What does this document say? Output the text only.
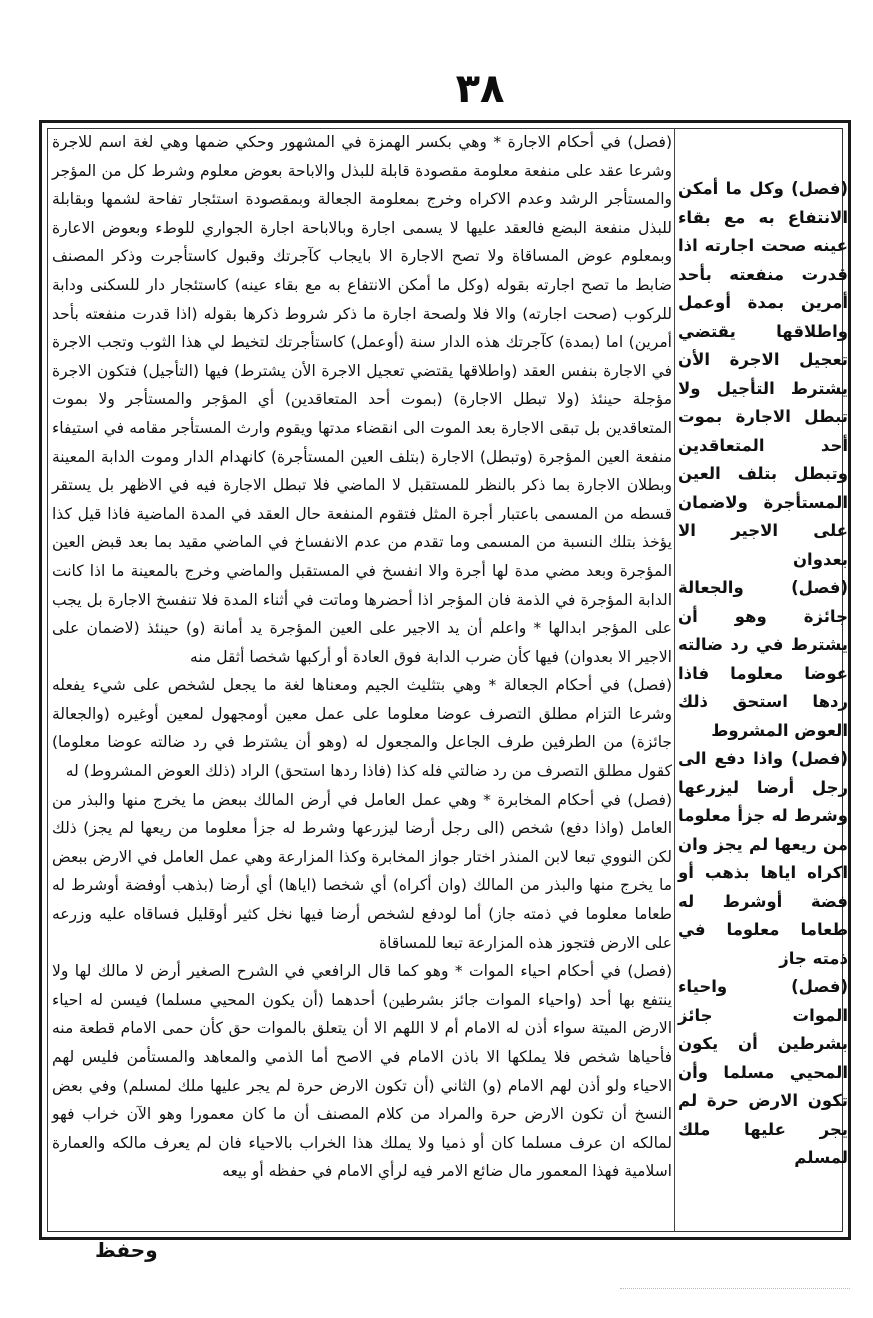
٣٨

(فصل) وكل ما أمكن الانتفاع به مع بقاء عينه صحت اجارته اذا قدرت منفعته بأحد أمرين بمدة أوعمل واطلاقها يقتضي تعجيل الاجرة الأن يشترط التأجيل ولا تبطل الاجارة بموت أحد المتعاقدين وتبطل بتلف العين المستأجرة ولاضمان على الاجير الا بعدوان

(فصل) والجعالة جائزة وهو أن يشترط في رد ضالته عوضا معلوما فاذا ردها استحق ذلك العوض المشروط

(فصل) واذا دفع الى رجل أرضا ليزرعها وشرط له جزأ معلوما من ريعها لم يجز وان اكراه اياها بذهب أو فضة أوشرط له طعاما معلوما في ذمته جاز

(فصل) واحياء الموات جائز بشرطين أن يكون المحيي مسلما وأن تكون الارض حرة لم يجر عليها ملك لمسلم

(فصل) في أحكام الاجارة * وهي بكسر الهمزة في المشهور وحكي ضمها وهي لغة اسم للاجرة وشرعا عقد على منفعة معلومة مقصودة قابلة للبذل والاباحة بعوض معلوم وشرط كل من المؤجر والمستأجر الرشد وعدم الاكراه وخرج بمعلومة الجعالة وبمقصودة استئجار تفاحة لشمها وبقابلة للبذل منفعة البضع فالعقد عليها لا يسمى اجارة وبالاباحة اجارة الجواري للوطء وبعوض الاعارة وبمعلوم عوض المساقاة ولا تصح الاجارة الا بايجاب كآجرتك وقبول كاستأجرت وذكر المصنف ضابط ما تصح اجارته بقوله (وكل ما أمكن الانتفاع به مع بقاء عينه) كاستئجار دار للسكنى ودابة للركوب (صحت اجارته) والا فلا ولصحة اجارة ما ذكر شروط ذكرها بقوله (اذا قدرت منفعته بأحد أمرين) اما (بمدة) كآجرتك هذه الدار سنة (أوعمل) كاستأجرتك لتخيط لي هذا الثوب وتجب الاجرة في الاجارة بنفس العقد (واطلاقها يقتضي تعجيل الاجرة الأن يشترط) فيها (التأجيل) فتكون الاجرة مؤجلة حينئذ (ولا تبطل الاجارة) (بموت أحد المتعاقدين) أي المؤجر والمستأجر ولا بموت المتعاقدين بل تبقى الاجارة بعد الموت الى انقضاء مدتها ويقوم وارث المستأجر مقامه في استيفاء منفعة العين المؤجرة (وتبطل) الاجارة (بتلف العين المستأجرة) كانهدام الدار وموت الدابة المعينة وبطلان الاجارة بما ذكر بالنظر للمستقبل لا الماضي فلا تبطل الاجارة فيه في الاظهر بل يستقر قسطه من المسمى باعتبار أجرة المثل فتقوم المنفعة حال العقد في المدة الماضية فاذا قيل كذا يؤخذ بتلك النسبة من المسمى وما تقدم من عدم الانفساخ في الماضي مقيد بما بعد قبض العين المؤجرة وبعد مضي مدة لها أجرة والا انفسخ في المستقبل والماضي وخرج بالمعينة ما اذا كانت الدابة المؤجرة في الذمة فان المؤجر اذا أحضرها وماتت في أثناء المدة فلا تنفسخ الاجارة بل يجب على المؤجر ابدالها * واعلم أن يد الاجير على العين المؤجرة يد أمانة (و) حينئذ (لاضمان على الاجير الا بعدوان) فيها كأن ضرب الدابة فوق العادة أو أركبها شخصا أثقل منه

(فصل) في أحكام الجعالة * وهي بتثليث الجيم ومعناها لغة ما يجعل لشخص على شيء يفعله وشرعا التزام مطلق التصرف عوضا معلوما على عمل معين أومجهول لمعين أوغيره (والجعالة جائزة) من الطرفين طرف الجاعل والمجعول له (وهو أن يشترط في رد ضالته عوضا معلوما) كقول مطلق التصرف من رد ضالتي فله كذا (فاذا ردها استحق) الراد (ذلك العوض المشروط) له

(فصل) في أحكام المخابرة * وهي عمل العامل في أرض المالك ببعض ما يخرج منها والبذر من العامل (واذا دفع) شخص (الى رجل أرضا ليزرعها وشرط له جزأ معلوما من ريعها لم يجز) ذلك لكن النووي تبعا لابن المنذر اختار جواز المخابرة وكذا المزارعة وهي عمل العامل في الارض ببعض ما يخرج منها والبذر من المالك (وان أكراه) أي شخصا (اياها) أي أرضا (بذهب أوفضة أوشرط له طعاما معلوما في ذمته جاز) أما لودفع لشخص أرضا فيها نخل كثير أوقليل فساقاه عليه وزرعه على الارض فتجوز هذه المزارعة تبعا للمساقاة

(فصل) في أحكام احياء الموات * وهو كما قال الرافعي في الشرح الصغير أرض لا مالك لها ولا ينتفع بها أحد (واحياء الموات جائز بشرطين) أحدهما (أن يكون المحيي مسلما) فيسن له احياء الارض الميتة سواء أذن له الامام أم لا اللهم الا أن يتعلق بالموات حق كأن حمى الامام قطعة منه فأحياها شخص فلا يملكها الا باذن الامام في الاصح أما الذمي والمعاهد والمستأمن فليس لهم الاحياء ولو أذن لهم الامام (و) الثاني (أن تكون الارض حرة لم يجر عليها ملك لمسلم) وفي بعض النسخ أن تكون الارض حرة والمراد من كلام المصنف أن ما كان معمورا وهو الآن خراب فهو لمالكه ان عرف مسلما كان أو ذميا ولا يملك هذا الخراب بالاحياء فان لم يعرف مالكه والعمارة اسلامية فهذا المعمور مال ضائع الامر فيه لرأي الامام في حفظه أو بيعه

وحفظ
